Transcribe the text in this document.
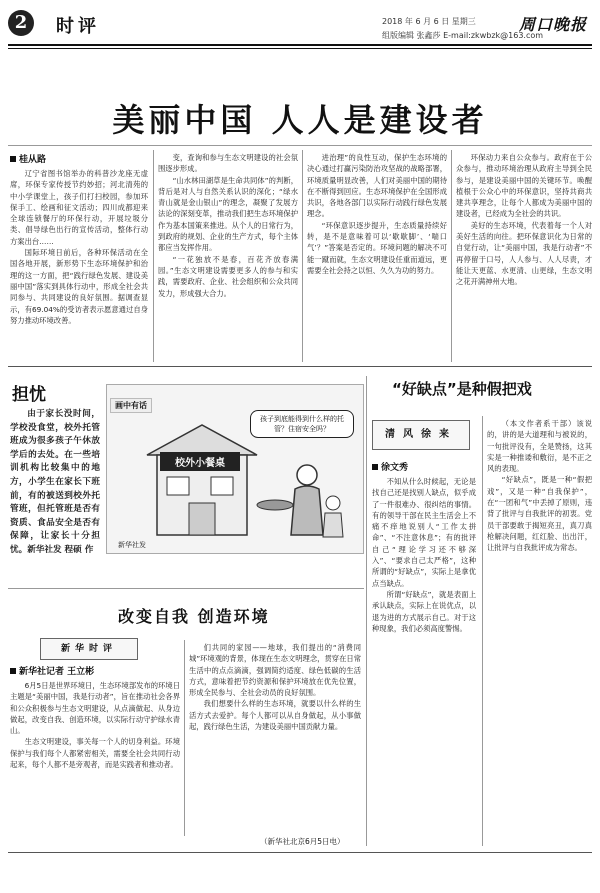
2	时评	2018 年 6 月 6 日 星期三
组版编辑 张鑫莎 E-mail:zkwbzk@163.com
周口晚报
美丽中国 人人是建设者
桂从路

辽宁省图书馆举办的科普沙龙座无虚席，环保专家传授节约妙招；河北清苑的中小学课堂上，孩子们打扫校园，参加环保手工、绘画和征文活动；四川成都迎来全球连锁餐厅的环保行动，开展垃圾分类、倡导绿色出行的宣传活动，整体行动方案出台……

国际环境日前后，各种环保活动在全国各地开展，新形势下生态环境保护和治理的这一方面，把“践行绿色发展、建设美丽中国”落实到具体行动中，形成全社会共同参与、共同建设的良好氛围。据调查显示，有69.04%的受访者表示愿意通过自身努力推动环境改善。

变，查询和参与生态文明建设的社会氛围逐步形成。

“山水林田湖草是生命共同体”的判断，背后是对人与自然关系认识的深化；“绿水青山就是金山银山”的理念，凝聚了发展方法论的深刻变革，推动我们把生态环境保护作为基本国策来推进。从个人的日常行为，到政府的规划、企业的生产方式，每个主体都应当发挥作用。

“一花独放不是春，百花齐放春满园。”生态文明建设需要更多人的参与和实践，需要政府、企业、社会组织和公众共同发力，形成强大合力。

进治理”的良性互动，保护生态环境的决心通过打赢污染防治攻坚战的战略部署，环境质量明显改善，人们对美丽中国的期待在不断得到回应。生态环境保护在全国形成共识，各地各部门以实际行动践行绿色发展理念。

“环保意识逐步提升，生态质量持续好转，是不是意味着可以‘歇歇脚’、‘喘口气’？”答案是否定的。环境问题的解决不可能一蹴而就，生态文明建设任重而道远，更需要全社会持之以恒、久久为功的努力。

环保动力来自公众参与。政府在于公众参与，推动环境治理从政府主导到全民参与，是建设美丽中国的关键环节。唤醒植根于公众心中的环保意识，坚持共商共建共享理念，让每个人都成为美丽中国的建设者，已经成为全社会的共识。

美好的生态环境，代表着每一个人对美好生活的向往。把环保意识化为日常的自觉行动，让“美丽中国，我是行动者”不再停留于口号，人人参与、人人尽责，才能让天更蓝、水更清、山更绿，生态文明之花开满神州大地。

担忧

由于家长没时间，学校没食堂，校外托管班成为很多孩子午休放学后的去处。在一些培训机构比较集中的地方，小学生在家长下班前，有的被送到校外托管班，但托管班是否有资质、食品安全是否有保障，让家长十分担忧。新华社发 程硕 作

画中有话
孩子到底能得到什么样的托管？住宿安全吗？
校外小餐桌
新华社发
“好缺点”是种假把戏
清风徐来
徐文秀

不知从什么时候起，无论是找自己还是找别人缺点，似乎成了一件很难办、很纠结的事情。有的领导干部在民主生活会上不痛不痒地说别人“工作太拼命”、“不注意休息”；有的批评自己“理论学习还不够深入”、“要求自己太严格”，这种所谓的“好缺点”，实际上是拿优点当缺点。

所谓“好缺点”，就是表面上承认缺点，实际上在说优点，以退为进的方式展示自己。对于这种现象，我们必须高度警惕。

（本文作者系干部）该说的，讲的是大道理和与被说的，一句批评没有，全是赞扬，这其实是一种推诿和敷衍，是不正之风的表现。

“好缺点”，既是一种“假把戏”，又是一种“自我保护”，在“一团和气”中丢掉了原则，违背了批评与自我批评的初衷。党员干部要敢于揭短亮丑，真刀真枪解决问题，红红脸、出出汗，让批评与自我批评成为常态。

改变自我 创造环境
新华时评
新华社记者 王立彬

6月5日是世界环境日，生态环境部发布的环境日主题是“美丽中国，我是行动者”，旨在推动社会各界和公众积极参与生态文明建设，从点滴做起、从身边做起，改变自我、创造环境，以实际行动守护绿水青山。

生态文明建设，事关每一个人的切身利益。环境保护与我们每个人都紧密相关，需要全社会共同行动起来，每个人都不是旁观者，而是实践者和推动者。

们共同的家园——地球，我们提出的“消费同城”环境观的背景，体现在生态文明理念，贯穿在日常生活中的点点滴滴，强调简约适度、绿色低碳的生活方式，意味着把节约资源和保护环境放在优先位置，形成全民参与、全社会动员的良好氛围。

我们想要什么样的生态环境，就要以什么样的生活方式去爱护。每个人都可以从自身做起，从小事做起，践行绿色生活，为建设美丽中国贡献力量。

（新华社北京6月5日电）
